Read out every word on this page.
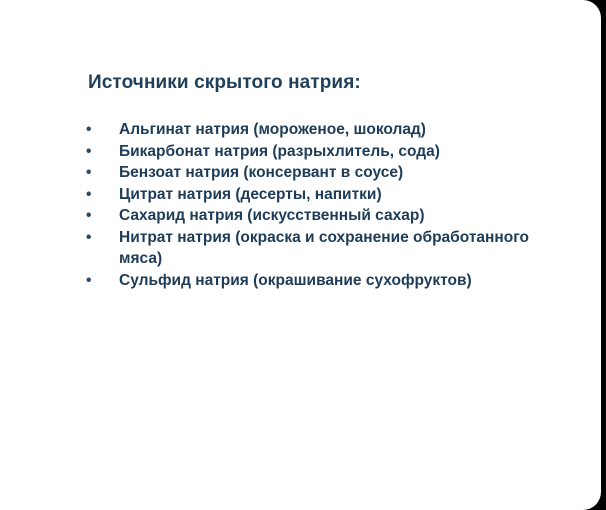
Источники скрытого натрия:
• Альгинат натрия (мороженое, шоколад)
• Бикарбонат натрия (разрыхлитель, сода)
• Бензоат натрия (консервант в соусе)
• Цитрат натрия (десерты, напитки)
• Сахарид натрия (искусственный сахар)
• Нитрат натрия (окраска и сохранение обработанного мяса)
• Сульфид натрия (окрашивание сухофруктов)
